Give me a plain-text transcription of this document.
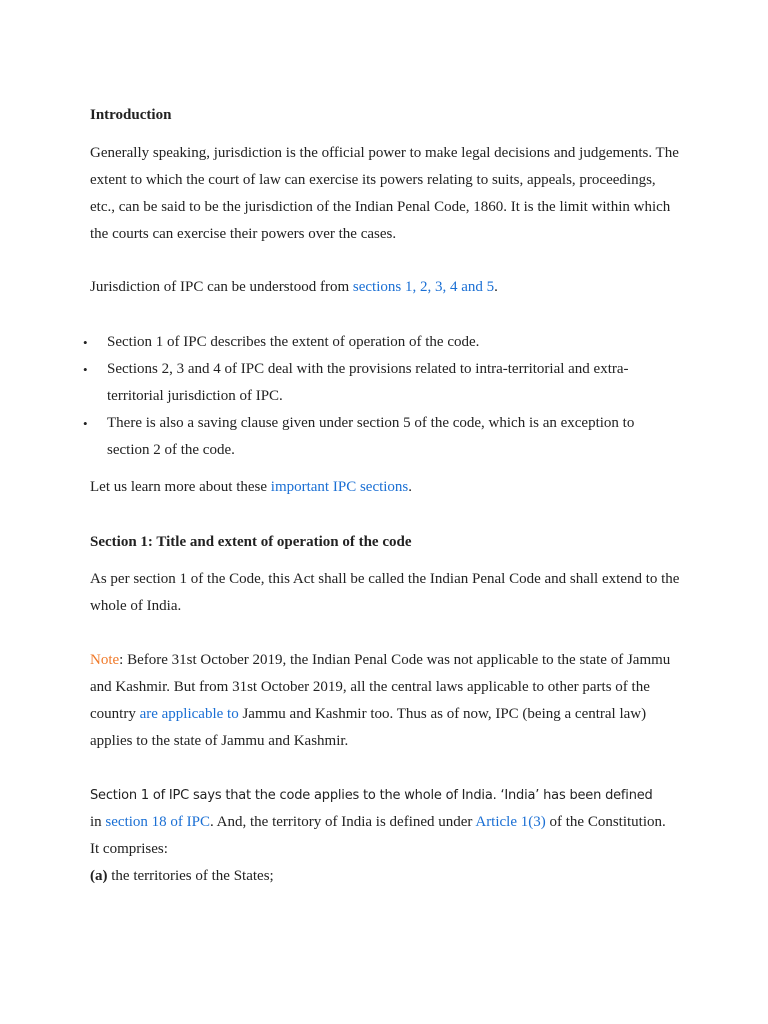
Introduction

Generally speaking, jurisdiction is the official power to make legal decisions and judgements. The extent to which the court of law can exercise its powers relating to suits, appeals, proceedings, etc., can be said to be the jurisdiction of the Indian Penal Code, 1860. It is the limit within which the courts can exercise their powers over the cases.

Jurisdiction of IPC can be understood from sections 1, 2, 3, 4 and 5.

• Section 1 of IPC describes the extent of operation of the code.
• Sections 2, 3 and 4 of IPC deal with the provisions related to intra-territorial and extra-territorial jurisdiction of IPC.
• There is also a saving clause given under section 5 of the code, which is an exception to section 2 of the code.

Let us learn more about these important IPC sections.

Section 1: Title and extent of operation of the code

As per section 1 of the Code, this Act shall be called the Indian Penal Code and shall extend to the whole of India.

Note: Before 31st October 2019, the Indian Penal Code was not applicable to the state of Jammu and Kashmir. But from 31st October 2019, all the central laws applicable to other parts of the country are applicable to Jammu and Kashmir too. Thus as of now, IPC (being a central law) applies to the state of Jammu and Kashmir.

Section 1 of IPC says that the code applies to the whole of India. ‘India’ has been defined
in section 18 of IPC. And, the territory of India is defined under Article 1(3) of the Constitution.
It comprises:
(a) the territories of the States;
